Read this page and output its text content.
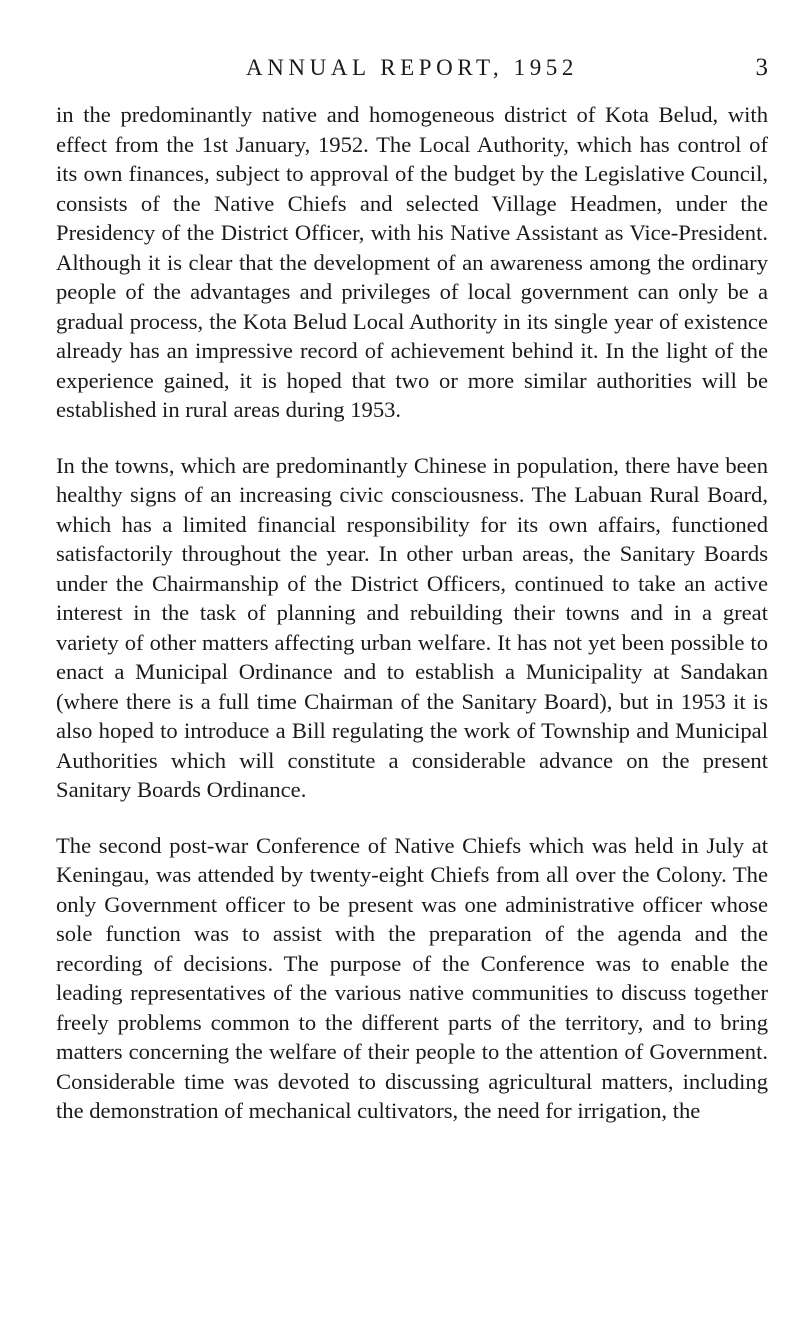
ANNUAL REPORT, 1952	3

in the predominantly native and homogeneous district of Kota Belud, with effect from the 1st January, 1952. The Local Authority, which has control of its own finances, subject to approval of the budget by the Legislative Council, consists of the Native Chiefs and selected Village Headmen, under the Presidency of the District Officer, with his Native Assistant as Vice-President. Although it is clear that the development of an awareness among the ordinary people of the advantages and privileges of local government can only be a gradual process, the Kota Belud Local Authority in its single year of existence already has an impressive record of achievement behind it. In the light of the experience gained, it is hoped that two or more similar authorities will be established in rural areas during 1953.

In the towns, which are predominantly Chinese in population, there have been healthy signs of an increasing civic consciousness. The Labuan Rural Board, which has a limited financial responsibility for its own affairs, functioned satisfactorily throughout the year. In other urban areas, the Sanitary Boards under the Chairmanship of the District Officers, continued to take an active interest in the task of planning and rebuilding their towns and in a great variety of other matters affecting urban welfare. It has not yet been possible to enact a Municipal Ordinance and to establish a Municipality at Sandakan (where there is a full time Chairman of the Sanitary Board), but in 1953 it is also hoped to introduce a Bill regulating the work of Township and Municipal Authorities which will constitute a considerable advance on the present Sanitary Boards Ordinance.

The second post-war Conference of Native Chiefs which was held in July at Keningau, was attended by twenty-eight Chiefs from all over the Colony. The only Government officer to be present was one administrative officer whose sole function was to assist with the preparation of the agenda and the recording of decisions. The purpose of the Conference was to enable the leading representatives of the various native communities to discuss together freely problems common to the different parts of the territory, and to bring matters concerning the welfare of their people to the attention of Government. Considerable time was devoted to discussing agricultural matters, including the demonstration of mechanical cultivators, the need for irrigation, the
